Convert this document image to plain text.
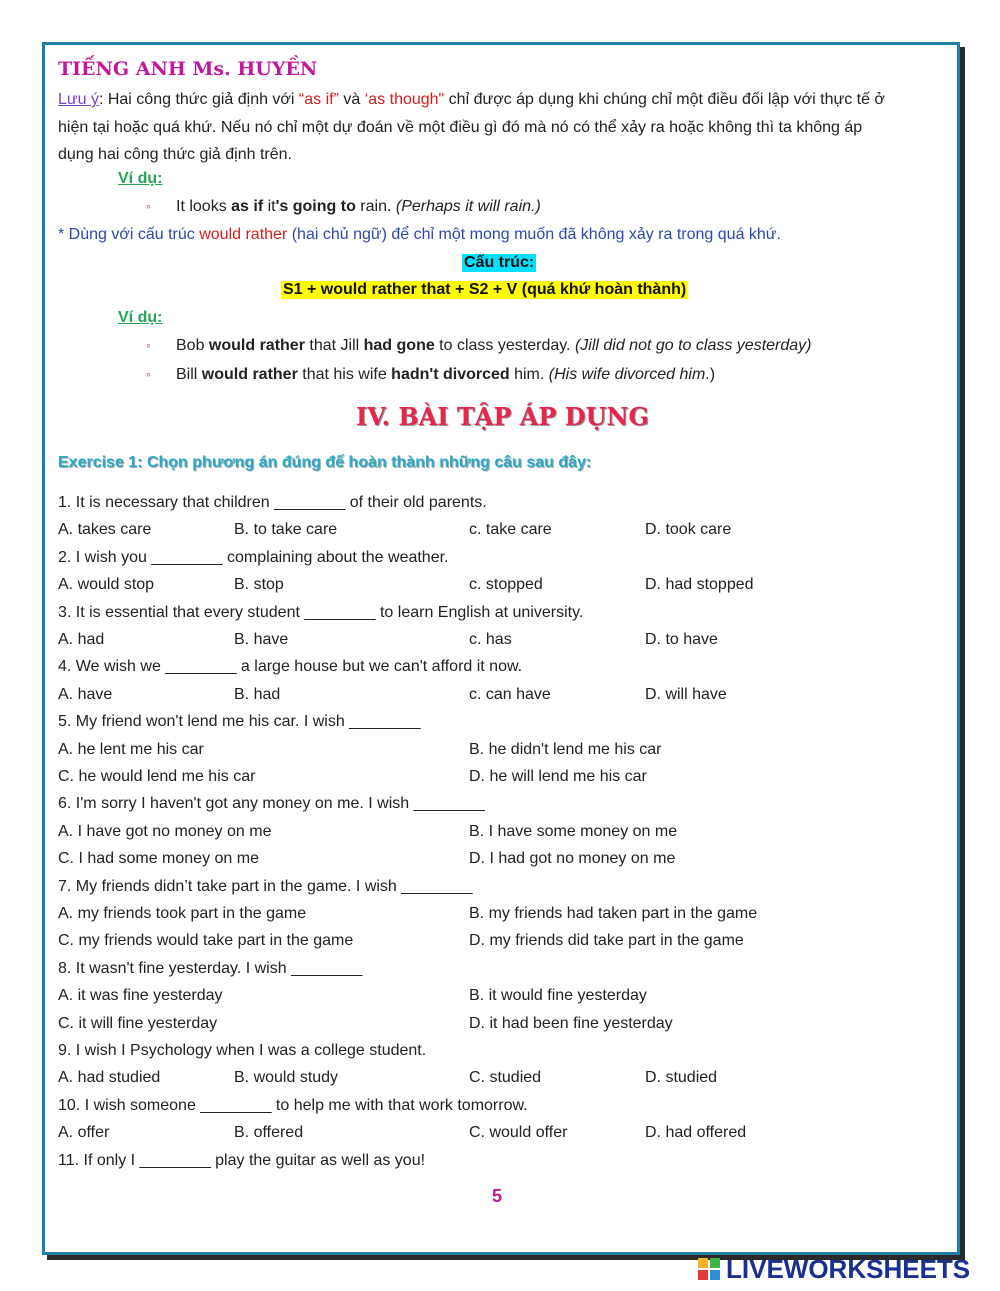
TIẾNG ANH Ms. HUYỀN
Lưu ý: Hai công thức giả định với “as if” và ‘as though" chỉ được áp dụng khi chúng chỉ một điều đối lập với thực tế ở hiện tại hoặc quá khứ. Nếu nó chỉ một dự đoán về một điều gì đó mà nó có thể xảy ra hoặc không thì ta không áp dụng hai công thức giả định trên.
Ví dụ:
◦ It looks as if it's going to rain. (Perhaps it will rain.)
* Dùng với cấu trúc would rather (hai chủ ngữ) để chỉ một mong muốn đã không xảy ra trong quá khứ.
Cấu trúc:
S1 + would rather that + S2 + V (quá khứ hoàn thành)
Ví dụ:
◦ Bob would rather that Jill had gone to class yesterday. (Jill did not go to class yesterday)
◦ Bill would rather that his wife hadn't divorced him. (His wife divorced him.)
IV. BÀI TẬP ÁP DỤNG
Exercise 1: Chọn phương án đúng để hoàn thành những câu sau đây:
1. It is necessary that children ________ of their old parents.
A. takes care	B. to take care	c. take care	D. took care
2. I wish you ________ complaining about the weather.
A. would stop	B. stop	c. stopped	D. had stopped
3. It is essential that every student ________ to learn English at university.
A. had	B. have	c. has	D. to have
4. We wish we ________ a large house but we can't afford it now.
A. have	B. had	c. can have	D. will have
5. My friend won't lend me his car. I wish ________
A. he lent me his car	B. he didn't lend me his car
C. he would lend me his car	D. he will lend me his car
6. I'm sorry I haven't got any money on me. I wish ________
A. I have got no money on me	B. I have some money on me
C. I had some money on me	D. I had got no money on me
7. My friends didn’t take part in the game. I wish ________
A. my friends took part in the game	B. my friends had taken part in the game
C. my friends would take part in the game	D. my friends did take part in the game
8. It wasn't fine yesterday. I wish ________
A. it was fine yesterday	B. it would fine yesterday
C. it will fine yesterday	D. it had been fine yesterday
9. I wish I Psychology when I was a college student.
A. had studied	B. would study	C. studied	D. studied
10. I wish someone ________ to help me with that work tomorrow.
A. offer	B. offered	C. would offer	D. had offered
11. If only I ________ play the guitar as well as you!
5
LIVEWORKSHEETS
